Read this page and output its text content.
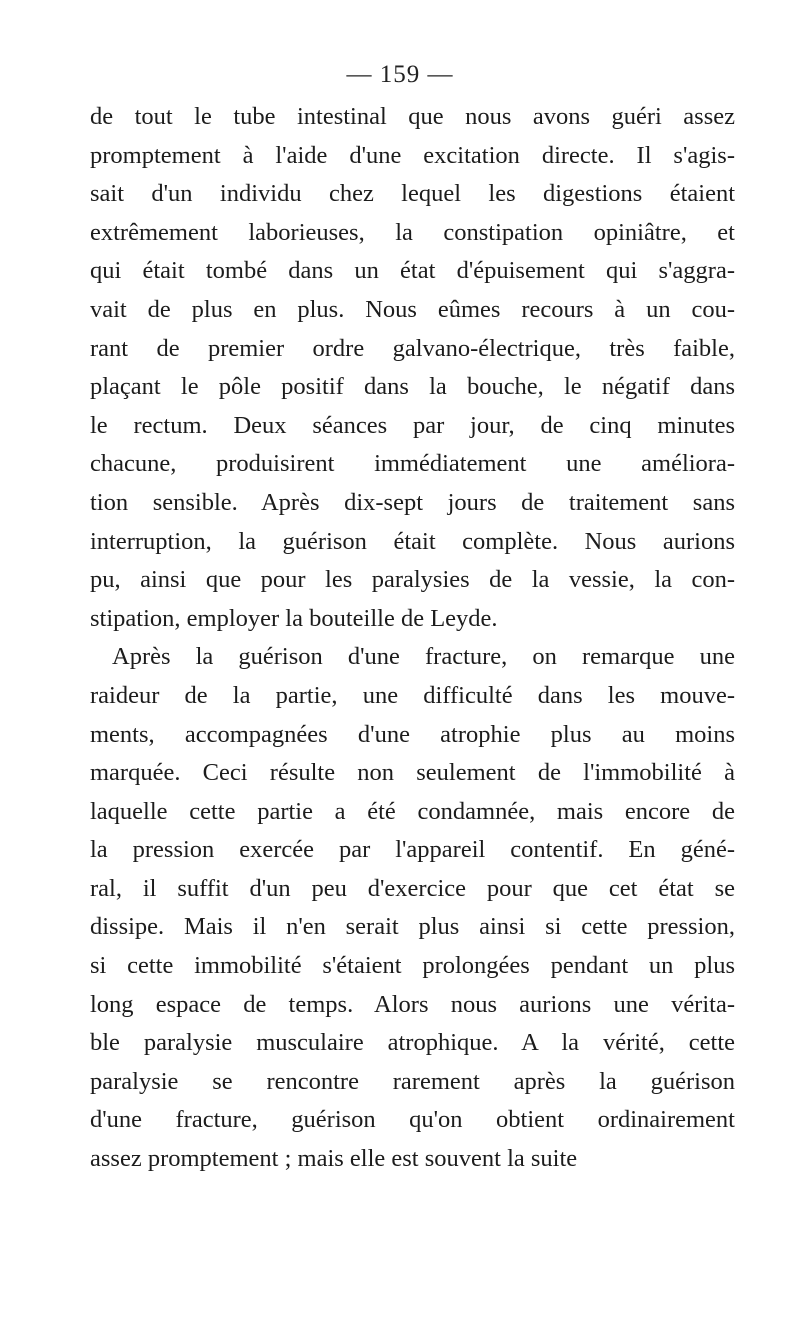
— 159 —
de tout le tube intestinal que nous avons guéri assez
promptement à l'aide d'une excitation directe. Il s'agis-
sait d'un individu chez lequel les digestions étaient
extrêmement laborieuses, la constipation opiniâtre, et
qui était tombé dans un état d'épuisement qui s'aggra-
vait de plus en plus. Nous eûmes recours à un cou-
rant de premier ordre galvano-électrique, très faible,
plaçant le pôle positif dans la bouche, le négatif dans
le rectum. Deux séances par jour, de cinq minutes
chacune, produisirent immédiatement une améliora-
tion sensible. Après dix-sept jours de traitement sans
interruption, la guérison était complète. Nous aurions
pu, ainsi que pour les paralysies de la vessie, la con-
stipation, employer la bouteille de Leyde.
Après la guérison d'une fracture, on remarque une
raideur de la partie, une difficulté dans les mouve-
ments, accompagnées d'une atrophie plus au moins
marquée. Ceci résulte non seulement de l'immobilité à
laquelle cette partie a été condamnée, mais encore de
la pression exercée par l'appareil contentif. En géné-
ral, il suffit d'un peu d'exercice pour que cet état se
dissipe. Mais il n'en serait plus ainsi si cette pression,
si cette immobilité s'étaient prolongées pendant un plus
long espace de temps. Alors nous aurions une vérita-
ble paralysie musculaire atrophique. A la vérité, cette
paralysie se rencontre rarement après la guérison
d'une fracture, guérison qu'on obtient ordinairement
assez promptement ; mais elle est souvent la suite
